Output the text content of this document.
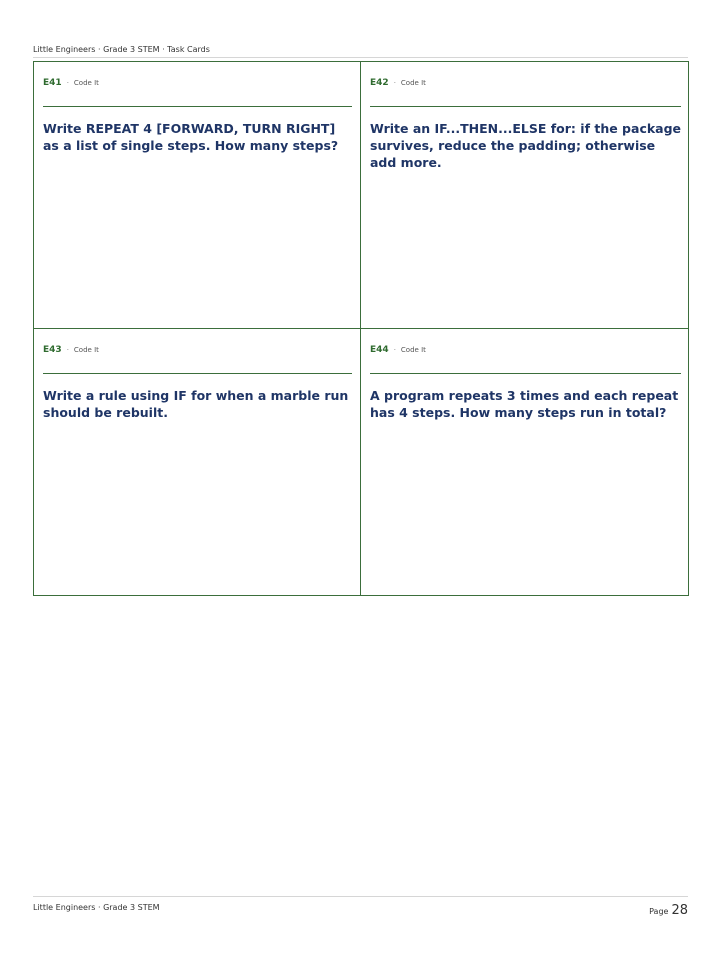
Little Engineers · Grade 3 STEM · Task Cards
E41 · Code It
Write REPEAT 4 [FORWARD, TURN RIGHT] as a list of single steps. How many steps?
E42 · Code It
Write an IF...THEN...ELSE for: if the package survives, reduce the padding; otherwise add more.
E43 · Code It
Write a rule using IF for when a marble run should be rebuilt.
E44 · Code It
A program repeats 3 times and each repeat has 4 steps. How many steps run in total?
Little Engineers · Grade 3 STEM	Page 28
